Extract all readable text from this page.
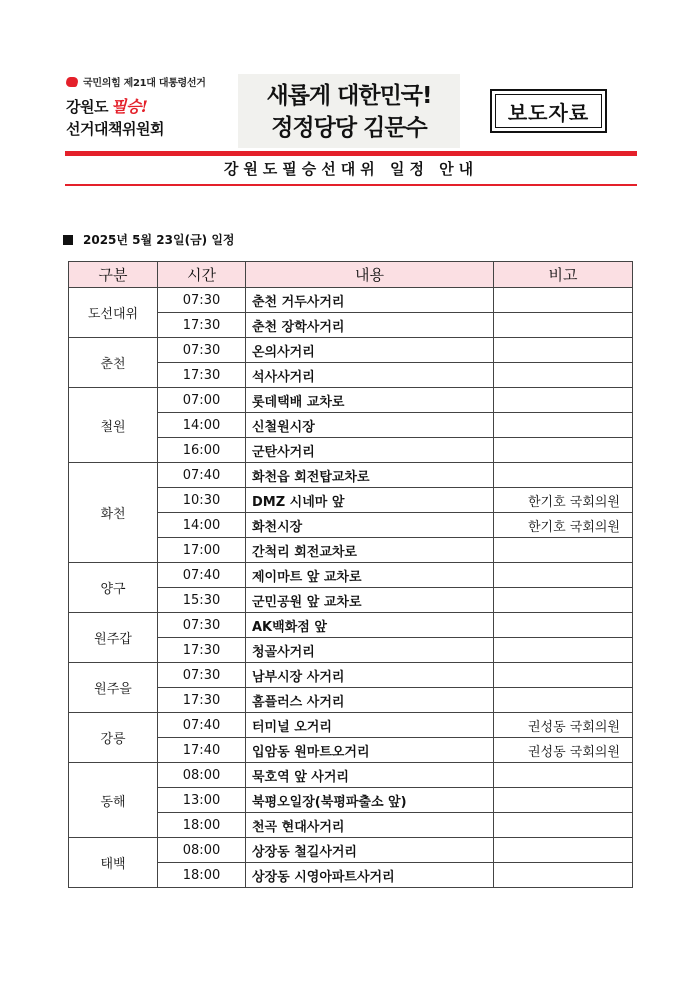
국민의힘 제21대 대통령선거
강원도 필승!
선거대책위원회
새롭게 대한민국!
정정당당 김문수
보도자료
강원도필승선대위 일정 안내
2025년 5월 23일(금) 일정
구분	시간	내용	비고
도선대위	07:30	춘천 거두사거리	
	17:30	춘천 장학사거리	
춘천	07:30	온의사거리	
	17:30	석사사거리	
철원	07:00	롯데택배 교차로	
	14:00	신철원시장	
	16:00	군탄사거리	
화천	07:40	화천읍 회전탑교차로	
	10:30	DMZ 시네마 앞	한기호 국회의원
	14:00	화천시장	한기호 국회의원
	17:00	간척리 회전교차로	
양구	07:40	제이마트 앞 교차로	
	15:30	군민공원 앞 교차로	
원주갑	07:30	AK백화점 앞	
	17:30	청골사거리	
원주을	07:30	남부시장 사거리	
	17:30	홈플러스 사거리	
강릉	07:40	터미널 오거리	권성동 국회의원
	17:40	입암동 원마트오거리	권성동 국회의원
동해	08:00	묵호역 앞 사거리	
	13:00	북평오일장(북평파출소 앞)	
	18:00	천곡 현대사거리	
태백	08:00	상장동 철길사거리	
	18:00	상장동 시영아파트사거리	
